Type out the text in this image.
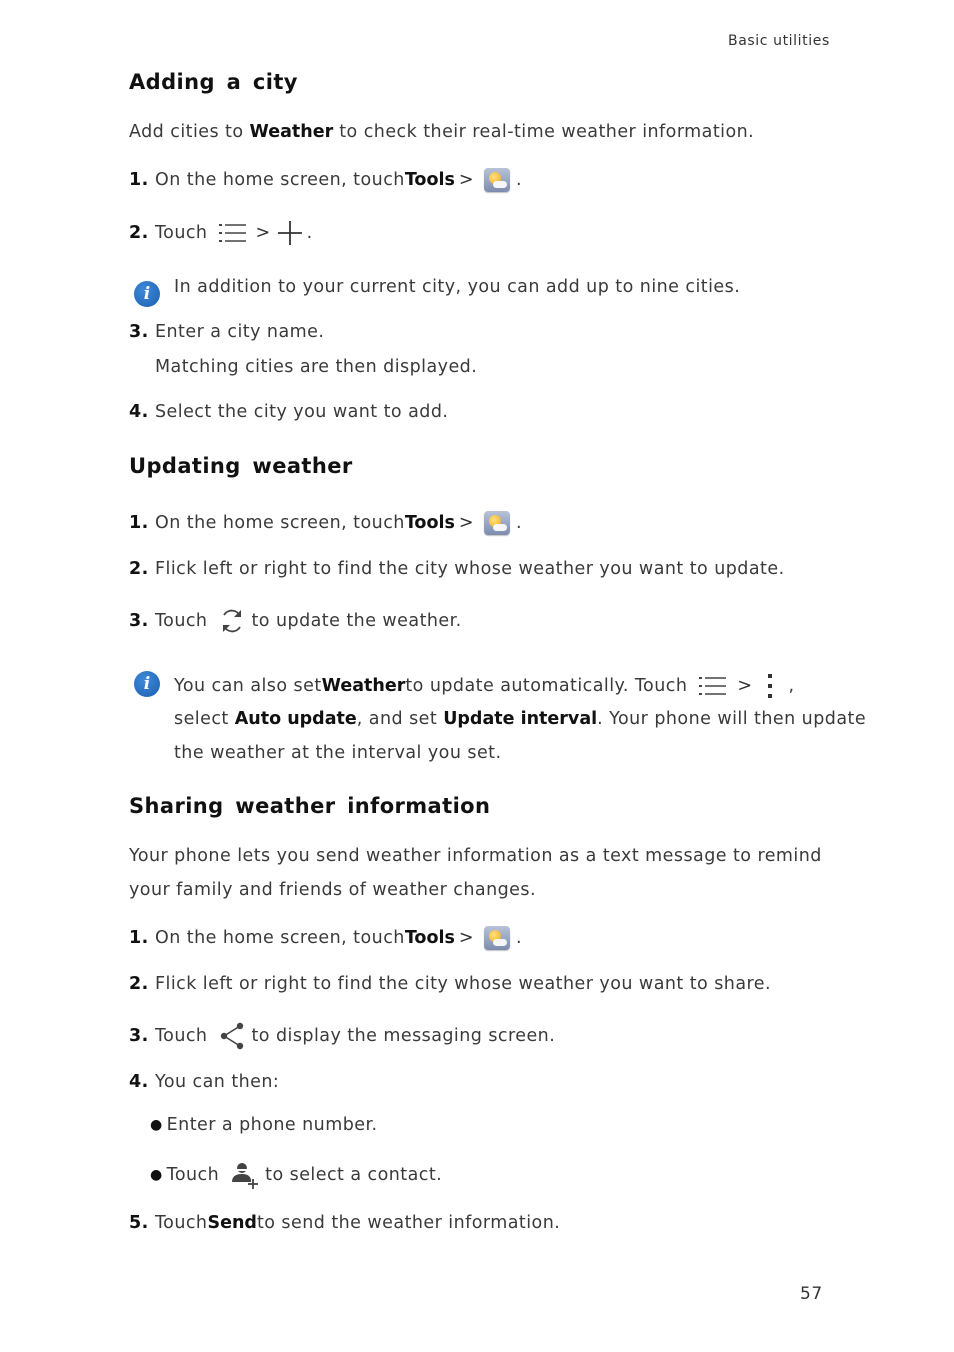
Basic utilities
Adding a city
Add cities to Weather to check their real-time weather information.
1. On the home screen, touch Tools > .
2. Touch	> .
i	In addition to your current city, you can add up to nine cities.
3. Enter a city name.
Matching cities are then displayed.
4. Select the city you want to add.
Updating weather
1. On the home screen, touch Tools > .
2. Flick left or right to find the city whose weather you want to update.
3. Touch	to update the weather.
i	You can also set Weather to update automatically. Touch	> ,
select Auto update, and set Update interval. Your phone will then update
the weather at the interval you set.
Sharing weather information
Your phone lets you send weather information as a text message to remind
your family and friends of weather changes.
1. On the home screen, touch Tools > .
2. Flick left or right to find the city whose weather you want to share.
3. Touch	to display the messaging screen.
4. You can then:
● Enter a phone number.
● Touch	to select a contact.
5. Touch Send to send the weather information.
57
